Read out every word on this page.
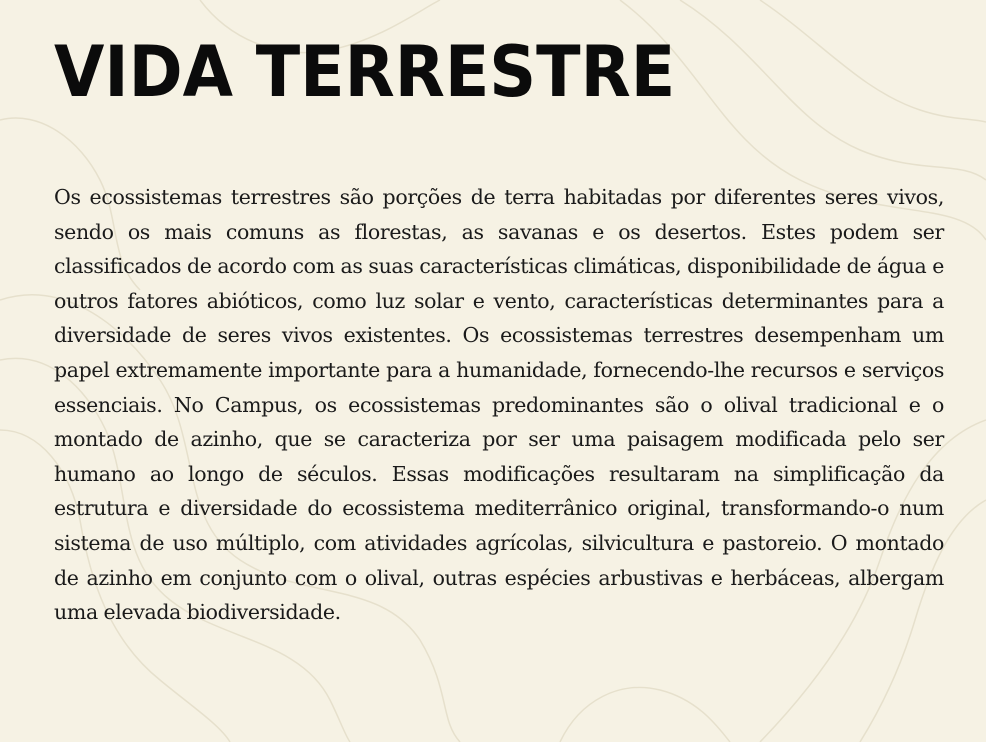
VIDA TERRESTRE

Os ecossistemas terrestres são porções de terra habitadas por diferentes seres vivos, sendo os mais comuns as florestas, as savanas e os desertos. Estes podem ser classificados de acordo com as suas características climáticas, disponibilidade de água e outros fatores abióticos, como luz solar e vento, características determinantes para a diversidade de seres vivos existentes. Os ecossistemas terrestres desempenham um papel extremamente importante para a humanidade, fornecendo-lhe recursos e serviços essenciais. No Campus, os ecossistemas predominantes são o olival tradicional e o montado de azinho, que se caracteriza por ser uma paisagem modificada pelo ser humano ao longo de séculos. Essas modificações resultaram na simplificação da estrutura e diversidade do ecossistema mediterrânico original, transformando-o num sistema de uso múltiplo, com atividades agrícolas, silvicultura e pastoreio. O montado de azinho em conjunto com o olival, outras espécies arbustivas e herbáceas, albergam uma elevada biodiversidade.
